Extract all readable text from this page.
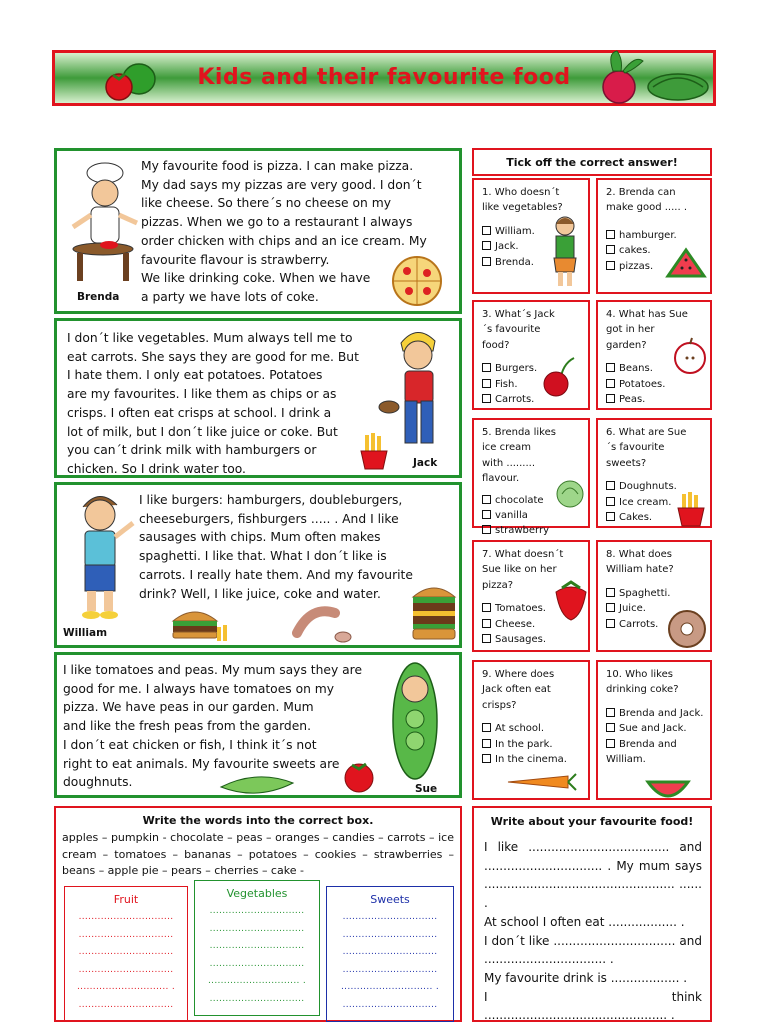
Kids and their favourite food
Brenda

My favourite food is pizza. I can make pizza.

My dad says my pizzas are very good. I don´t

like cheese. So there´s no cheese on my

pizzas. When we go to a restaurant I always

order chicken with chips and an ice cream. My

favourite flavour is strawberry.

We like drinking coke. When we have

a party we have lots of coke.

I don´t like vegetables. Mum always tell me to

eat carrots. She says they are good for me. But

I hate them. I only eat potatoes. Potatoes

are my favourites. I like them as chips or as

crisps. I often eat crisps at school. I drink a

lot of milk, but I don´t like juice or coke. But

you can´t drink milk with hamburgers or

chicken. So I drink water too.	Jack
William

I like burgers: hamburgers, doubleburgers,

cheeseburgers, fishburgers ..... . And I like

sausages with chips. Mum often makes

spaghetti. I like that. What I don´t like is

carrots. I really hate them. And my favourite

drink? Well, I like juice, coke and water.

I like tomatoes and peas. My mum says they are

good for me. I always have tomatoes on my

pizza. We have peas in our garden. Mum

and like the fresh peas from the garden.

I don´t eat chicken or fish, I think it´s not

right to eat animals. My favourite sweets are

doughnuts.	Sue
Tick off the correct answer!
1. Who doesn´t
like vegetables?
William.
Jack.
Brenda.
2. Brenda can
make good ..... .
hamburger.
cakes.
pizzas.
3. What´s Jack
´s favourite
food?
Burgers.
Fish.
Carrots.
4. What has Sue
got in her
garden?
Beans.
Potatoes.
Peas.
5. Brenda likes
ice cream
with .........
flavour.
chocolate
vanilla
strawberry
6. What are Sue
´s favourite
sweets?
Doughnuts.
Ice cream.
Cakes.
7. What doesn´t
Sue like on her
pizza?
Tomatoes.
Cheese.
Sausages.
8. What does
William hate?
Spaghetti.
Juice.
Carrots.
9. Where does
Jack often eat
crisps?
At school.
In the park.
In the cinema.
10. Who likes
drinking coke?
Brenda and Jack.
Sue and Jack.
Brenda and William.
Write the words into the correct box.
apples – pumpkin - chocolate – peas – oranges – candies – carrots – ice cream – tomatoes – bananas – potatoes – cookies – strawberries – beans – apple pie – pears – cherries – cake -
Fruit
..............................
..............................
..............................
..............................
............................. .
..............................
Vegetables
..............................
..............................
..............................
..............................
............................. .
..............................
Sweets
..............................
..............................
..............................
..............................
............................. .
..............................
Write about your favourite food!
I like ..................................... and ............................... . My mum says .................................................. ...... .
At school I often eat .................. .
I don´t like ................................ and ................................ .
My favourite drink is .................. .
I think ................................................ .
